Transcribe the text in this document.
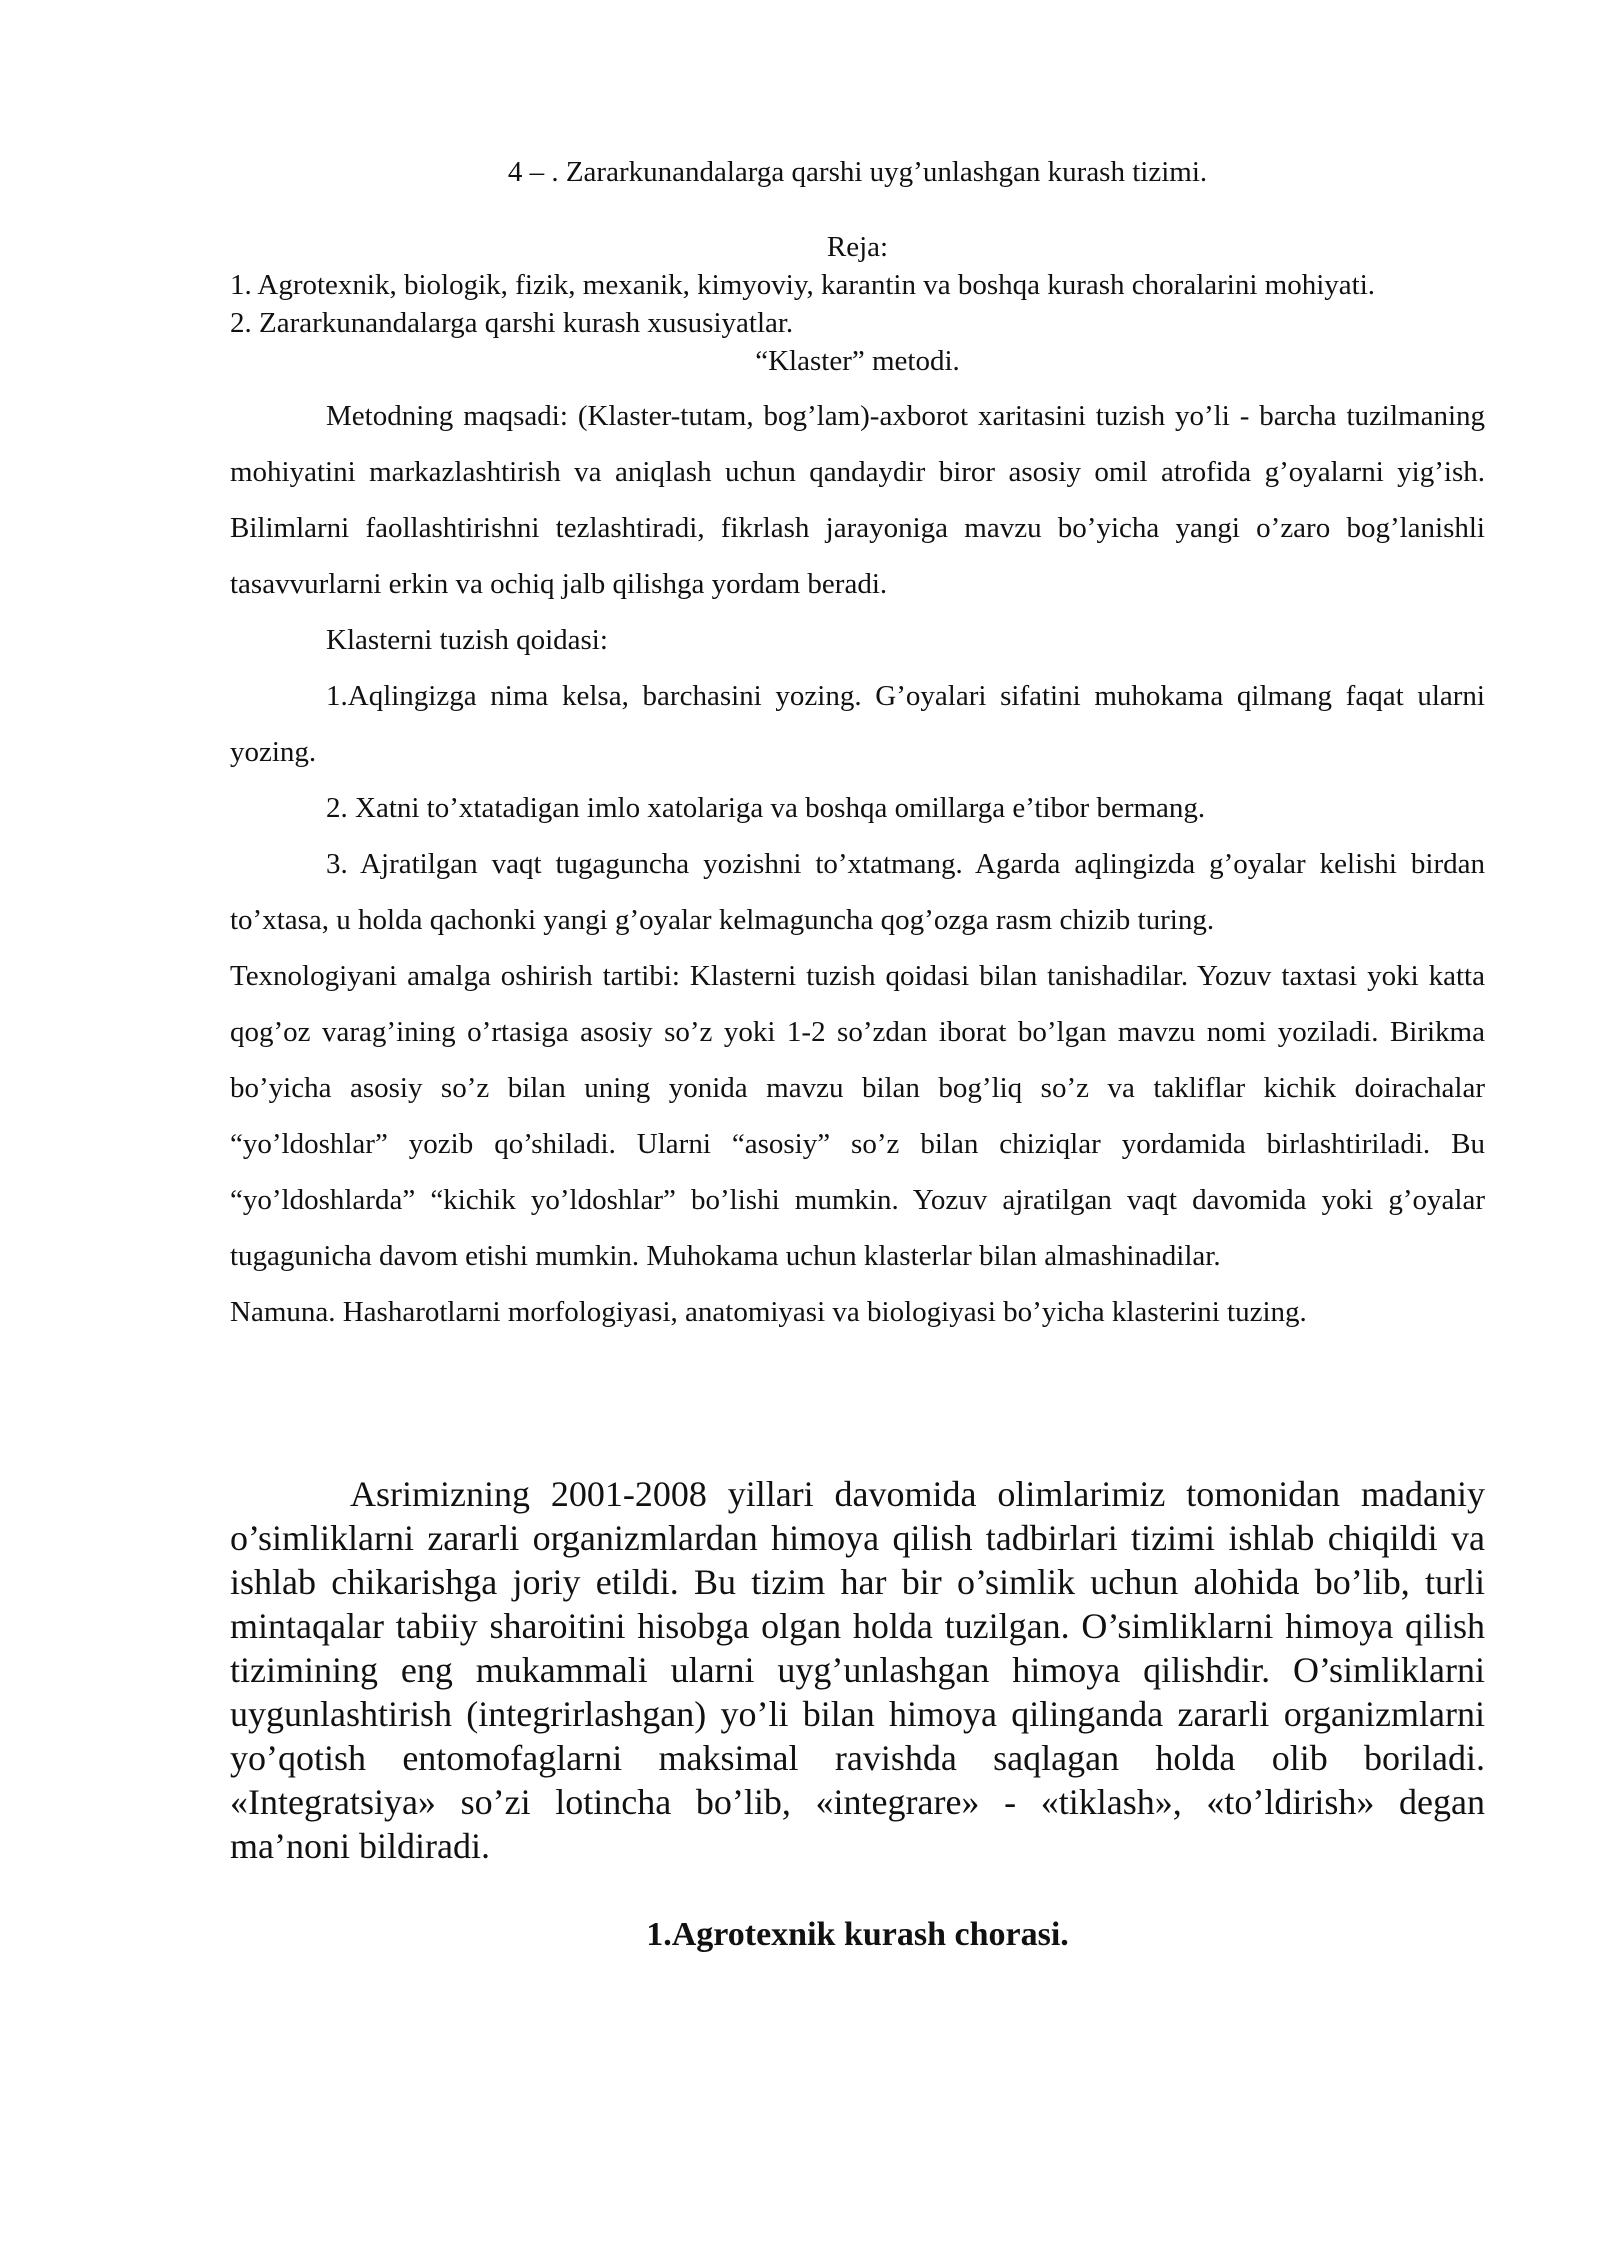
4 – . Zararkunandalarga qarshi uyg’unlashgan kurash tizimi.

Reja:

1. Agrotexnik, biologik, fizik, mexanik, kimyoviy, karantin va boshqa kurash choralarini mohiyati.

2. Zararkunandalarga qarshi kurash xususiyatlar.

“Klaster” metodi.

Metodning maqsadi: (Klaster-tutam, bog’lam)-axborot xaritasini tuzish yo’li - barcha tuzilmaning mohiyatini markazlashtirish va aniqlash uchun qandaydir biror asosiy omil atrofida g’oyalarni yig’ish. Bilimlarni faollashtirishni tezlashtiradi, fikrlash jarayoniga mavzu bo’yicha yangi o’zaro bog’lanishli tasavvurlarni erkin va ochiq jalb qilishga yordam beradi.

Klasterni tuzish qoidasi:

1.Aqlingizga nima kelsa, barchasini yozing. G’oyalari sifatini muhokama qilmang faqat ularni yozing.

2. Xatni to’xtatadigan imlo xatolariga va boshqa omillarga e’tibor bermang.

3. Ajratilgan vaqt tugaguncha yozishni to’xtatmang. Agarda aqlingizda g’oyalar kelishi birdan to’xtasa, u holda qachonki yangi g’oyalar kelmaguncha qog’ozga rasm chizib turing.

Texnologiyani amalga oshirish tartibi: Klasterni tuzish qoidasi bilan tanishadilar. Yozuv taxtasi yoki katta qog’oz varag’ining o’rtasiga asosiy so’z yoki 1-2 so’zdan iborat bo’lgan mavzu nomi yoziladi. Birikma bo’yicha asosiy so’z bilan uning yonida mavzu bilan bog’liq so’z va takliflar kichik doirachalar “yo’ldoshlar” yozib qo’shiladi. Ularni “asosiy” so’z bilan chiziqlar yordamida birlashtiriladi. Bu “yo’ldoshlarda” “kichik yo’ldoshlar” bo’lishi mumkin. Yozuv ajratilgan vaqt davomida yoki g’oyalar tugagunicha davom etishi mumkin. Muhokama uchun klasterlar bilan almashinadilar.

Namuna. Hasharotlarni morfologiyasi, anatomiyasi va biologiyasi bo’yicha klasterini tuzing.

Asrimizning 2001-2008 yillari davomida olimlarimiz tomonidan madaniy o’simliklarni zararli organizmlardan himoya qilish tadbirlari tizimi ishlab chiqildi va ishlab chikarishga joriy etildi. Bu tizim har bir o’simlik uchun alohida bo’lib, turli mintaqalar tabiiy sharoitini hisobga olgan holda tuzilgan. O’simliklarni himoya qilish tizimining eng mukammali ularni uyg’unlashgan himoya qilishdir. O’simliklarni uygunlashtirish (integrirlashgan) yo’li bilan himoya qilinganda zararli organizmlarni yo’qotish entomofaglarni maksimal ravishda saqlagan holda olib boriladi. «Integratsiya» so’zi lotincha bo’lib, «integrare» - «tiklash», «to’ldirish» degan ma’noni bildiradi.

1.Agrotexnik kurash chorasi.
